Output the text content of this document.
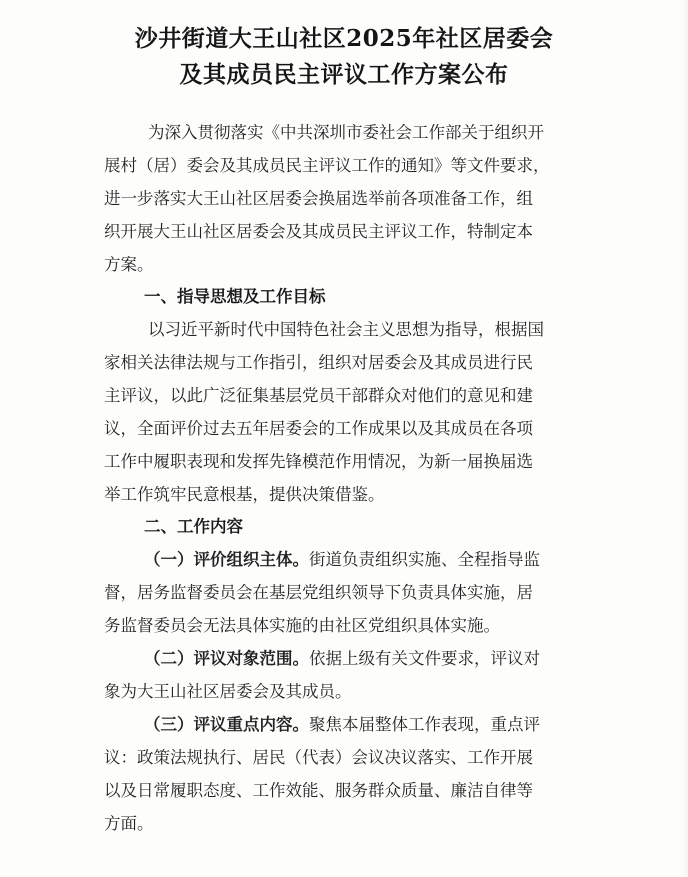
沙井街道大王山社区2025年社区居委会
及其成员民主评议工作方案公布
为深入贯彻落实《中共深圳市委社会工作部关于组织开
展村（居）委会及其成员民主评议工作的通知》等文件要求，
进一步落实大王山社区居委会换届选举前各项准备工作，组
织开展大王山社区居委会及其成员民主评议工作，特制定本
方案。
一、指导思想及工作目标
以习近平新时代中国特色社会主义思想为指导，根据国
家相关法律法规与工作指引，组织对居委会及其成员进行民
主评议，以此广泛征集基层党员干部群众对他们的意见和建
议，全面评价过去五年居委会的工作成果以及其成员在各项
工作中履职表现和发挥先锋模范作用情况，为新一届换届选
举工作筑牢民意根基，提供决策借鉴。
二、工作内容
（一）评价组织主体。街道负责组织实施、全程指导监
督，居务监督委员会在基层党组织领导下负责具体实施，居
务监督委员会无法具体实施的由社区党组织具体实施。
（二）评议对象范围。依据上级有关文件要求，评议对
象为大王山社区居委会及其成员。
（三）评议重点内容。聚焦本届整体工作表现，重点评
议：政策法规执行、居民（代表）会议决议落实、工作开展
以及日常履职态度、工作效能、服务群众质量、廉洁自律等
方面。
